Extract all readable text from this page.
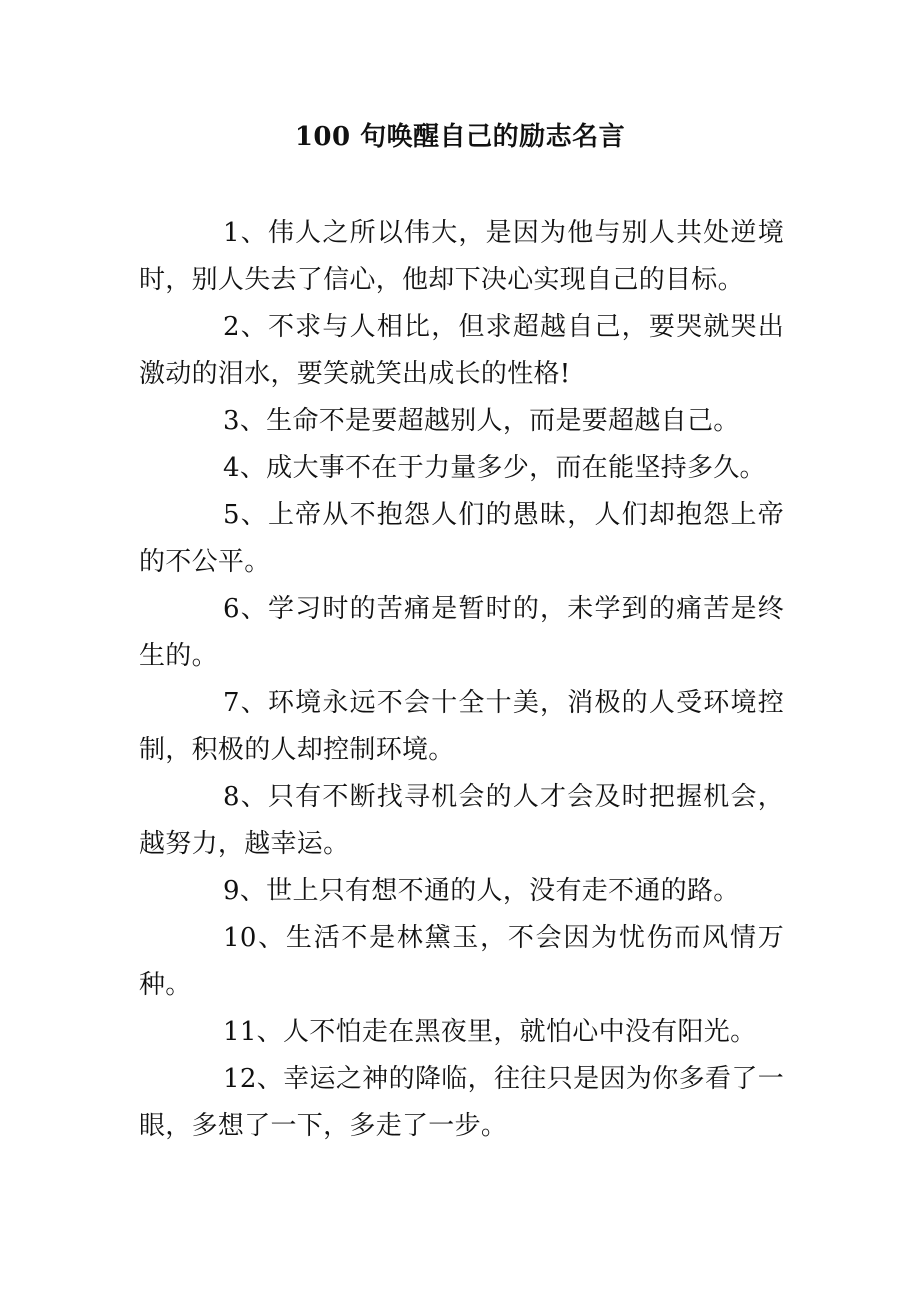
100 句唤醒自己的励志名言
1、伟人之所以伟大，是因为他与别人共处逆境时，别人失去了信心，他却下决心实现自己的目标。
2、不求与人相比，但求超越自己，要哭就哭出激动的泪水，要笑就笑出成长的性格!
3、生命不是要超越别人，而是要超越自己。
4、成大事不在于力量多少，而在能坚持多久。
5、上帝从不抱怨人们的愚昧，人们却抱怨上帝的不公平。
6、学习时的苦痛是暂时的，未学到的痛苦是终生的。
7、环境永远不会十全十美，消极的人受环境控制，积极的人却控制环境。
8、只有不断找寻机会的人才会及时把握机会，越努力，越幸运。
9、世上只有想不通的人，没有走不通的路。
10、生活不是林黛玉，不会因为忧伤而风情万种。
11、人不怕走在黑夜里，就怕心中没有阳光。
12、幸运之神的降临，往往只是因为你多看了一眼，多想了一下，多走了一步。
